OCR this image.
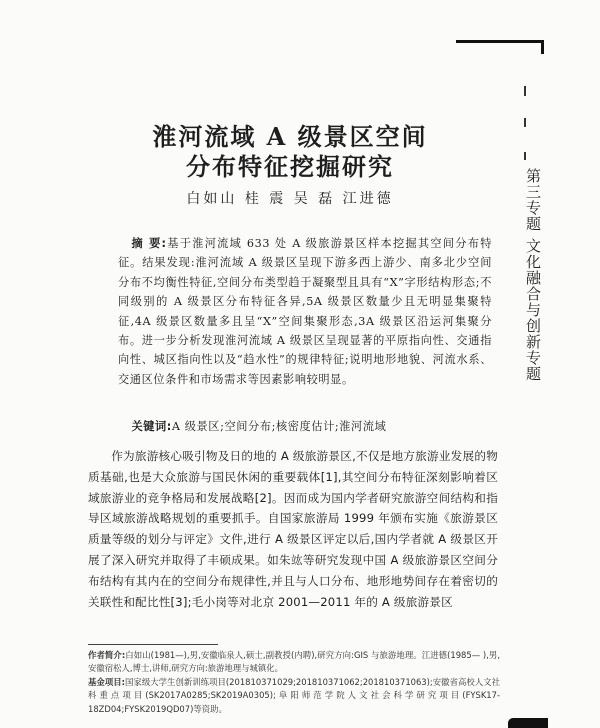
第三专题 文化融合与创新专题
淮河流域 A 级景区空间
分布特征挖掘研究
白如山 桂 震 吴 磊 江进德
摘 要:基于淮河流域 633 处 A 级旅游景区样本挖掘其空间分布特征。结果发现:淮河流域 A 级景区呈现下游多西上游少、南多北少空间分布不均衡性特征,空间分布类型趋于凝聚型且具有“X”字形结构形态;不同级别的 A 级景区分布特征各异,5A 级景区数量少且无明显集聚特征,4A 级景区数量多且呈“X”空间集聚形态,3A 级景区沿运河集聚分布。进一步分析发现淮河流域 A 级景区呈现显著的平原指向性、交通指向性、城区指向性以及“趋水性”的规律特征;说明地形地貌、河流水系、交通区位条件和市场需求等因素影响较明显。
关键词:A 级景区;空间分布;核密度估计;淮河流域

作为旅游核心吸引物及日的地的 A 级旅游景区,不仅是地方旅游业发展的物质基础,也是大众旅游与国民休闲的重要载体[1],其空间分布特征深刻影响着区域旅游业的竞争格局和发展战略[2]。因而成为国内学者研究旅游空间结构和指导区域旅游战略规划的重要抓手。自国家旅游局 1999 年颁布实施《旅游景区质量等级的划分与评定》文件,进行 A 级景区评定以后,国内学者就 A 级景区开展了深入研究并取得了丰硕成果。如朱竑等研究发现中国 A 级旅游景区空间分布结构有其内在的空间分布规律性,并且与人口分布、地形地势间存在着密切的关联性和配比性[3];毛小岗等对北京 2001—2011 年的 A 级旅游景区

作者简介:白如山(1981—),男,安徽临泉人,硕士,副教授(内聘),研究方向:GIS 与旅游地理。江进德(1985— ),男,安徽宿松人,博士,讲师,研究方向:旅游地理与城镇化。

基金项目:国家级大学生创新训练项目(201810371029;201810371062;201810371063);安徽省高校人文社科重点项目(SK2017A0285;SK2019A0305);阜阳师范学院人文社会科学研究项目(FYSK17-18ZD04;FYSK2019QD07)等资助。
